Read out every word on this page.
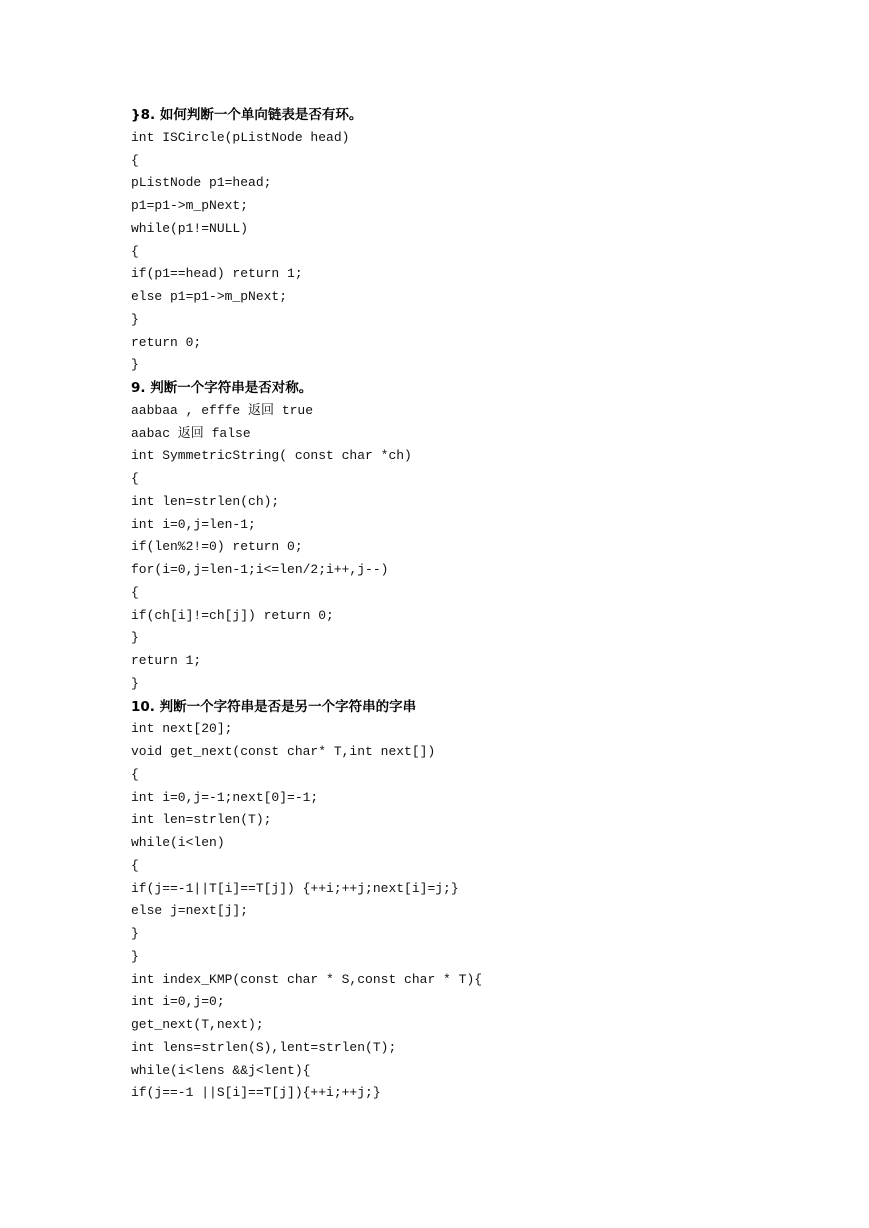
}8. 如何判断一个单向链表是否有环。
int ISCircle(pListNode head)
{
pListNode p1=head;
p1=p1->m_pNext;
while(p1!=NULL)
{
if(p1==head) return 1;
else p1=p1->m_pNext;
}
return 0;
}
9. 判断一个字符串是否对称。
aabbaa , efffe 返回 true
aabac 返回 false
int SymmetricString( const char *ch)
{
int len=strlen(ch);
int i=0,j=len-1;
if(len%2!=0) return 0;
for(i=0,j=len-1;i<=len/2;i++,j--)
{
if(ch[i]!=ch[j]) return 0;
}
return 1;
}
10. 判断一个字符串是否是另一个字符串的字串
int next[20];
void get_next(const char* T,int next[])
{
int i=0,j=-1;next[0]=-1;
int len=strlen(T);
while(i<len)
{
if(j==-1||T[i]==T[j]) {++i;++j;next[i]=j;}
else j=next[j];
}
}
int index_KMP(const char * S,const char * T){
int i=0,j=0;
get_next(T,next);
int lens=strlen(S),lent=strlen(T);
while(i<lens &&j<lent){
if(j==-1 ||S[i]==T[j]){++i;++j;}
